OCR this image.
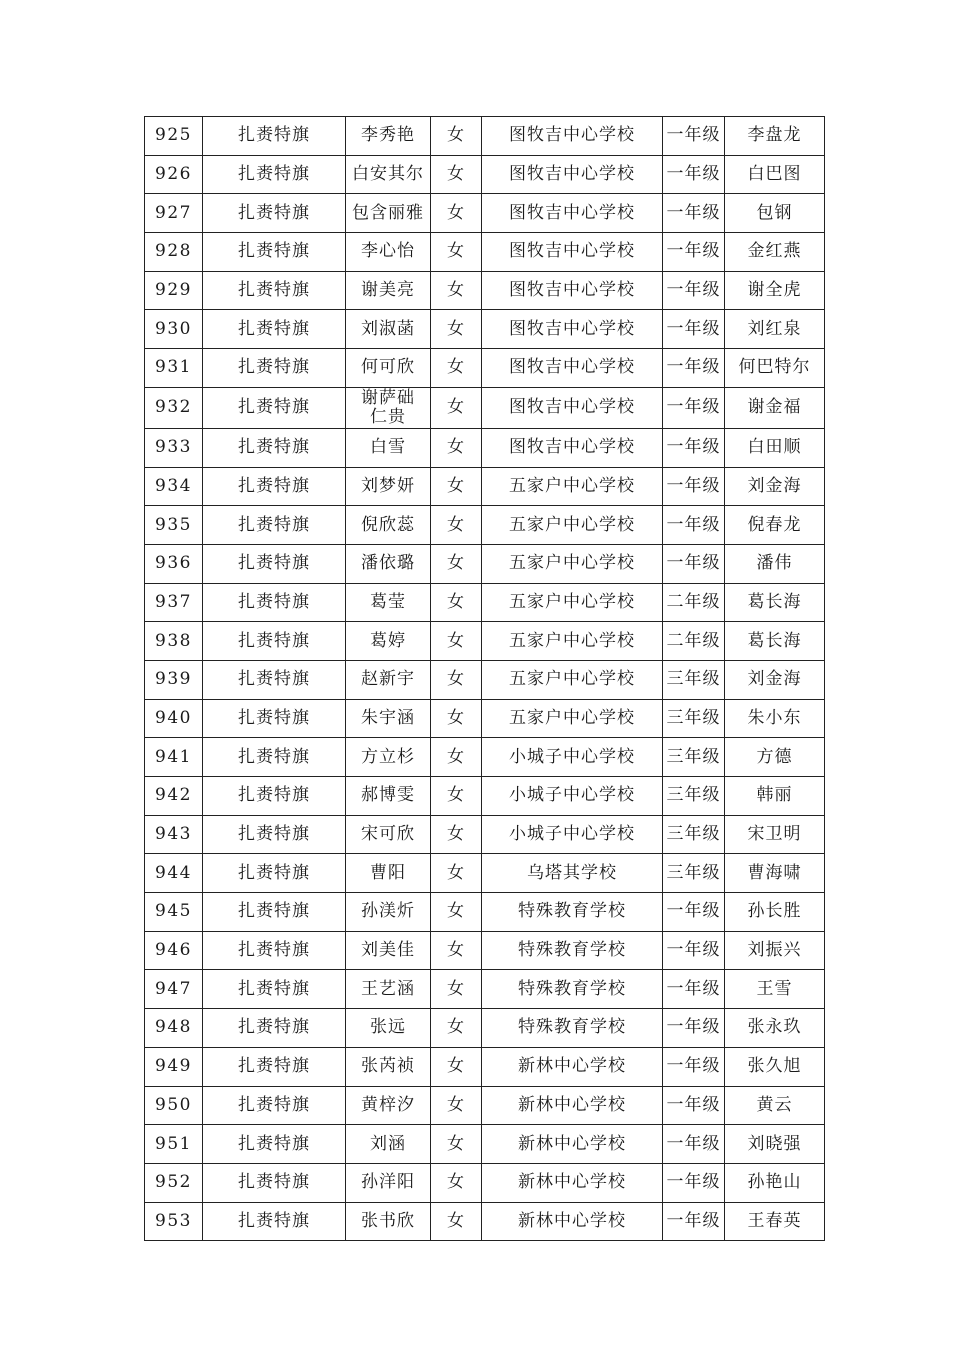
925	扎赉特旗	李秀艳	女	图牧吉中心学校	一年级	李盘龙
926	扎赉特旗	白安其尔	女	图牧吉中心学校	一年级	白巴图
927	扎赉特旗	包含丽雅	女	图牧吉中心学校	一年级	包钢
928	扎赉特旗	李心怡	女	图牧吉中心学校	一年级	金红燕
929	扎赉特旗	谢美亮	女	图牧吉中心学校	一年级	谢全虎
930	扎赉特旗	刘淑菡	女	图牧吉中心学校	一年级	刘红泉
931	扎赉特旗	何可欣	女	图牧吉中心学校	一年级	何巴特尔
932	扎赉特旗	谢萨础仁贵	女	图牧吉中心学校	一年级	谢金福
933	扎赉特旗	白雪	女	图牧吉中心学校	一年级	白田顺
934	扎赉特旗	刘梦妍	女	五家户中心学校	一年级	刘金海
935	扎赉特旗	倪欣蕊	女	五家户中心学校	一年级	倪春龙
936	扎赉特旗	潘依璐	女	五家户中心学校	一年级	潘伟
937	扎赉特旗	葛莹	女	五家户中心学校	二年级	葛长海
938	扎赉特旗	葛婷	女	五家户中心学校	二年级	葛长海
939	扎赉特旗	赵新宇	女	五家户中心学校	三年级	刘金海
940	扎赉特旗	朱宇涵	女	五家户中心学校	三年级	朱小东
941	扎赉特旗	方立杉	女	小城子中心学校	三年级	方德
942	扎赉特旗	郝博雯	女	小城子中心学校	三年级	韩丽
943	扎赉特旗	宋可欣	女	小城子中心学校	三年级	宋卫明
944	扎赉特旗	曹阳	女	乌塔其学校	三年级	曹海啸
945	扎赉特旗	孙渼炘	女	特殊教育学校	一年级	孙长胜
946	扎赉特旗	刘美佳	女	特殊教育学校	一年级	刘振兴
947	扎赉特旗	王艺涵	女	特殊教育学校	一年级	王雪
948	扎赉特旗	张远	女	特殊教育学校	一年级	张永玖
949	扎赉特旗	张芮祯	女	新林中心学校	一年级	张久旭
950	扎赉特旗	黄梓汐	女	新林中心学校	一年级	黄云
951	扎赉特旗	刘涵	女	新林中心学校	一年级	刘晓强
952	扎赉特旗	孙洋阳	女	新林中心学校	一年级	孙艳山
953	扎赉特旗	张书欣	女	新林中心学校	一年级	王春英
